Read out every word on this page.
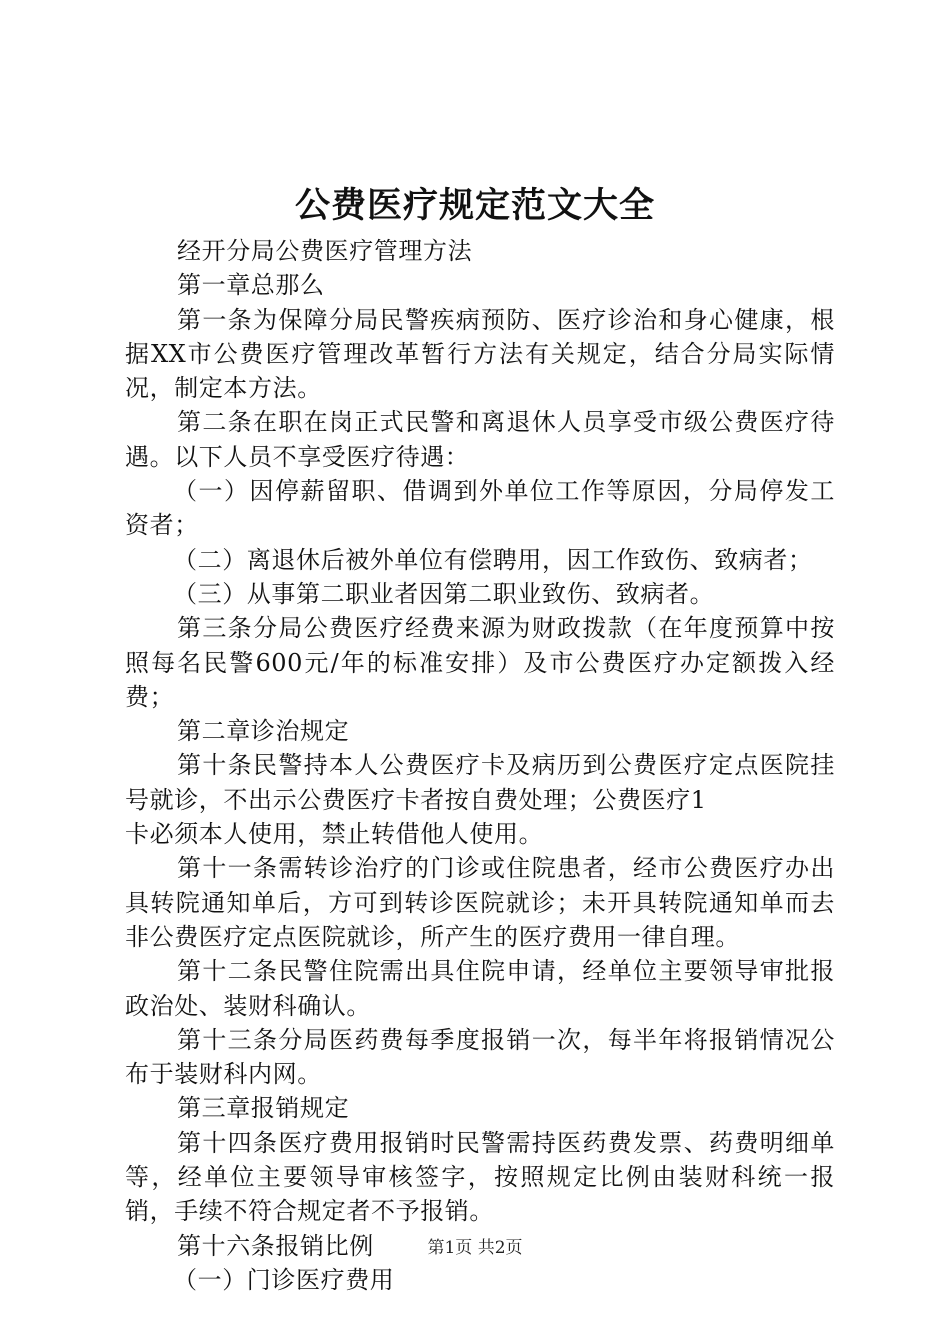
公费医疗规定范文大全

经开分局公费医疗管理方法

第一章总那么

第一条为保障分局民警疾病预防、医疗诊治和身心健康，根据XX市公费医疗管理改革暂行方法有关规定，结合分局实际情况，制定本方法。

第二条在职在岗正式民警和离退休人员享受市级公费医疗待遇。以下人员不享受医疗待遇：

（一）因停薪留职、借调到外单位工作等原因，分局停发工资者；

（二）离退休后被外单位有偿聘用，因工作致伤、致病者；

（三）从事第二职业者因第二职业致伤、致病者。

第三条分局公费医疗经费来源为财政拨款（在年度预算中按照每名民警600元/年的标准安排）及市公费医疗办定额拨入经费；

第二章诊治规定

第十条民警持本人公费医疗卡及病历到公费医疗定点医院挂号就诊，不出示公费医疗卡者按自费处理；公费医疗1

卡必须本人使用，禁止转借他人使用。

第十一条需转诊治疗的门诊或住院患者，经市公费医疗办出具转院通知单后，方可到转诊医院就诊；未开具转院通知单而去非公费医疗定点医院就诊，所产生的医疗费用一律自理。

第十二条民警住院需出具住院申请，经单位主要领导审批报政治处、装财科确认。

第十三条分局医药费每季度报销一次，每半年将报销情况公布于装财科内网。

第三章报销规定

第十四条医疗费用报销时民警需持医药费发票、药费明细单等，经单位主要领导审核签字，按照规定比例由装财科统一报销，手续不符合规定者不予报销。

第十六条报销比例

（一）门诊医疗费用

第1页 共2页
